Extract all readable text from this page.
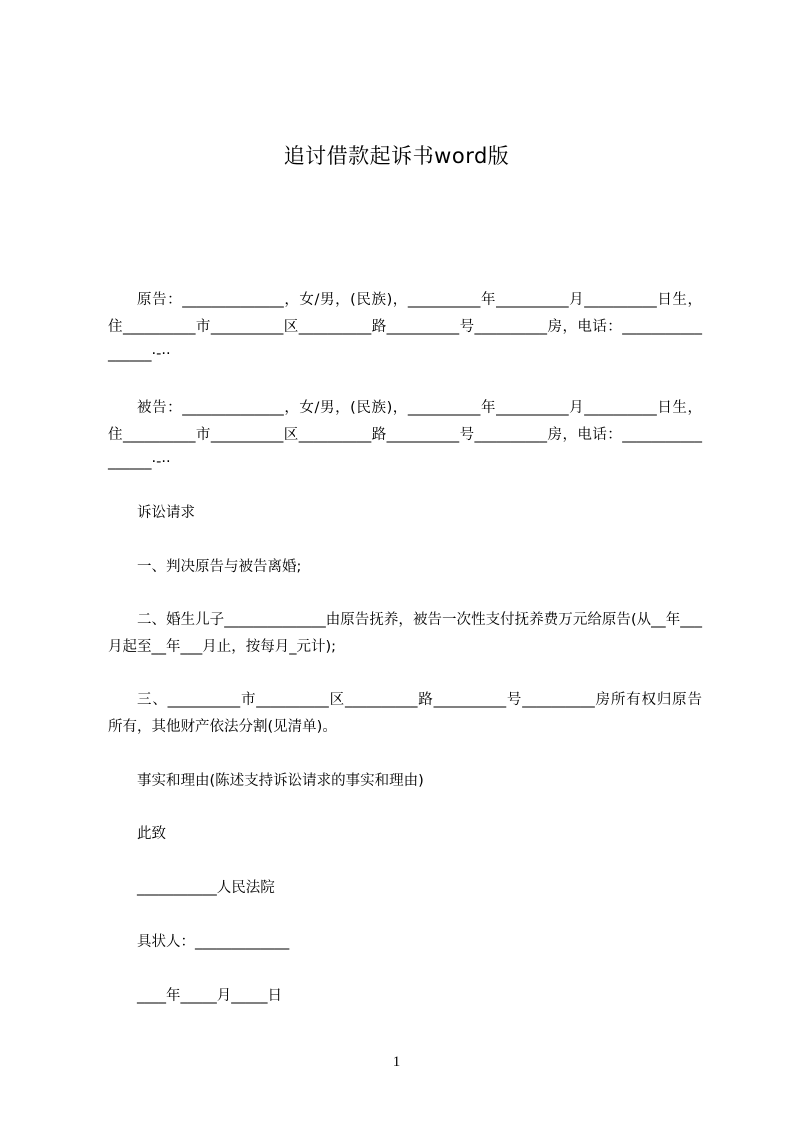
追讨借款起诉书word版
原告：______________，女/男，(民族)，__________年__________月__________日生，住__________市__________区__________路__________号__________房，电话：_________________·-··
被告：______________，女/男，(民族)，__________年__________月__________日生，住__________市__________区__________路__________号__________房，电话：_________________·-··
诉讼请求
一、判决原告与被告离婚;
二、婚生儿子______________由原告抚养，被告一次性支付抚养费万元给原告(从__年___月起至__年___月止，按每月_元计);
三、__________市__________区__________路__________号__________房所有权归原告所有，其他财产依法分割(见清单)。
事实和理由(陈述支持诉讼请求的事实和理由)
此致
___________人民法院
具状人：_____________
____年_____月_____日
1
